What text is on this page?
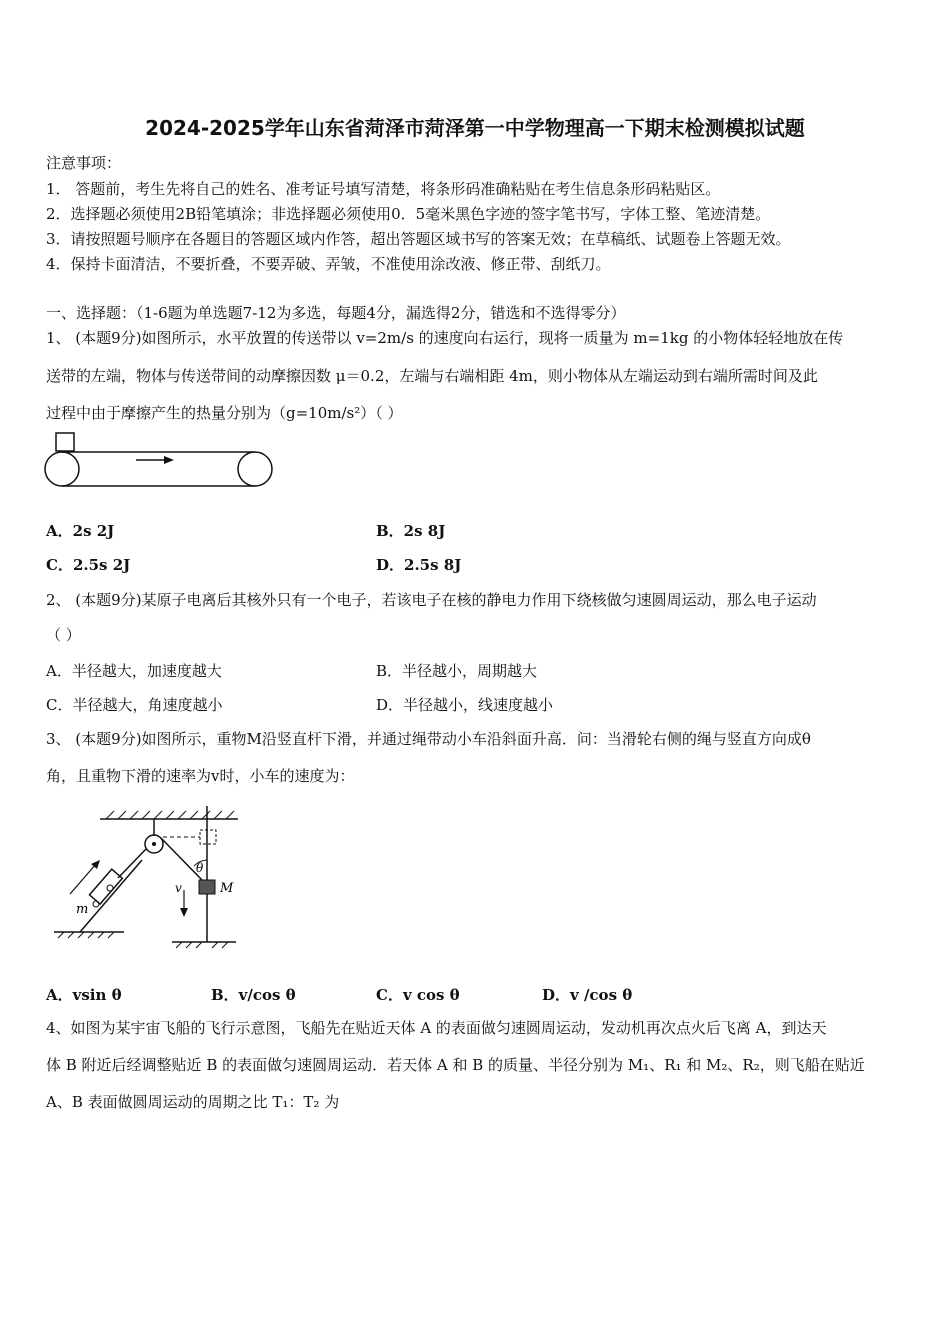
2024-2025学年山东省菏泽市菏泽第一中学物理高一下期末检测模拟试题
注意事项：
1． 答题前，考生先将自己的姓名、准考证号填写清楚，将条形码准确粘贴在考生信息条形码粘贴区。
2．选择题必须使用2B铅笔填涂；非选择题必须使用0．5毫米黑色字迹的签字笔书写，字体工整、笔迹清楚。
3．请按照题号顺序在各题目的答题区域内作答，超出答题区域书写的答案无效；在草稿纸、试题卷上答题无效。
4．保持卡面清洁，不要折叠，不要弄破、弄皱，不准使用涂改液、修正带、刮纸刀。
一、选择题：（1-6题为单选题7-12为多选，每题4分，漏选得2分，错选和不选得零分）
1、 (本题9分)如图所示，水平放置的传送带以 v=2m/s 的速度向右运行，现将一质量为 m=1kg 的小物体轻轻地放在传
送带的左端，物体与传送带间的动摩擦因数 μ＝0.2，左端与右端相距 4m，则小物体从左端运动到右端所需时间及此
过程中由于摩擦产生的热量分别为（g=10m/s²）（ ）
A．2s 2J	B．2s 8J
C．2.5s 2J	D．2.5s 8J
2、 (本题9分)某原子电离后其核外只有一个电子，若该电子在核的静电力作用下绕核做匀速圆周运动，那么电子运动
（ ）
A．半径越大，加速度越大	B．半径越小，周期越大
C．半径越大，角速度越小	D．半径越小，线速度越小
3、 (本题9分)如图所示，重物M沿竖直杆下滑，并通过绳带动小车沿斜面升高．问：当滑轮右侧的绳与竖直方向成θ
角，且重物下滑的速率为v时，小车的速度为：
θ
v	M
m
A．vsin θ	B．v/cos θ	C．v cos θ	D．v /cos θ
4、如图为某宇宙飞船的飞行示意图，飞船先在贴近天体 A 的表面做匀速圆周运动，发动机再次点火后飞离 A，到达天
体 B 附近后经调整贴近 B 的表面做匀速圆周运动．若天体 A 和 B 的质量、半径分别为 M₁、R₁ 和 M₂、R₂，则飞船在贴近
A、B 表面做圆周运动的周期之比 T₁：T₂ 为
